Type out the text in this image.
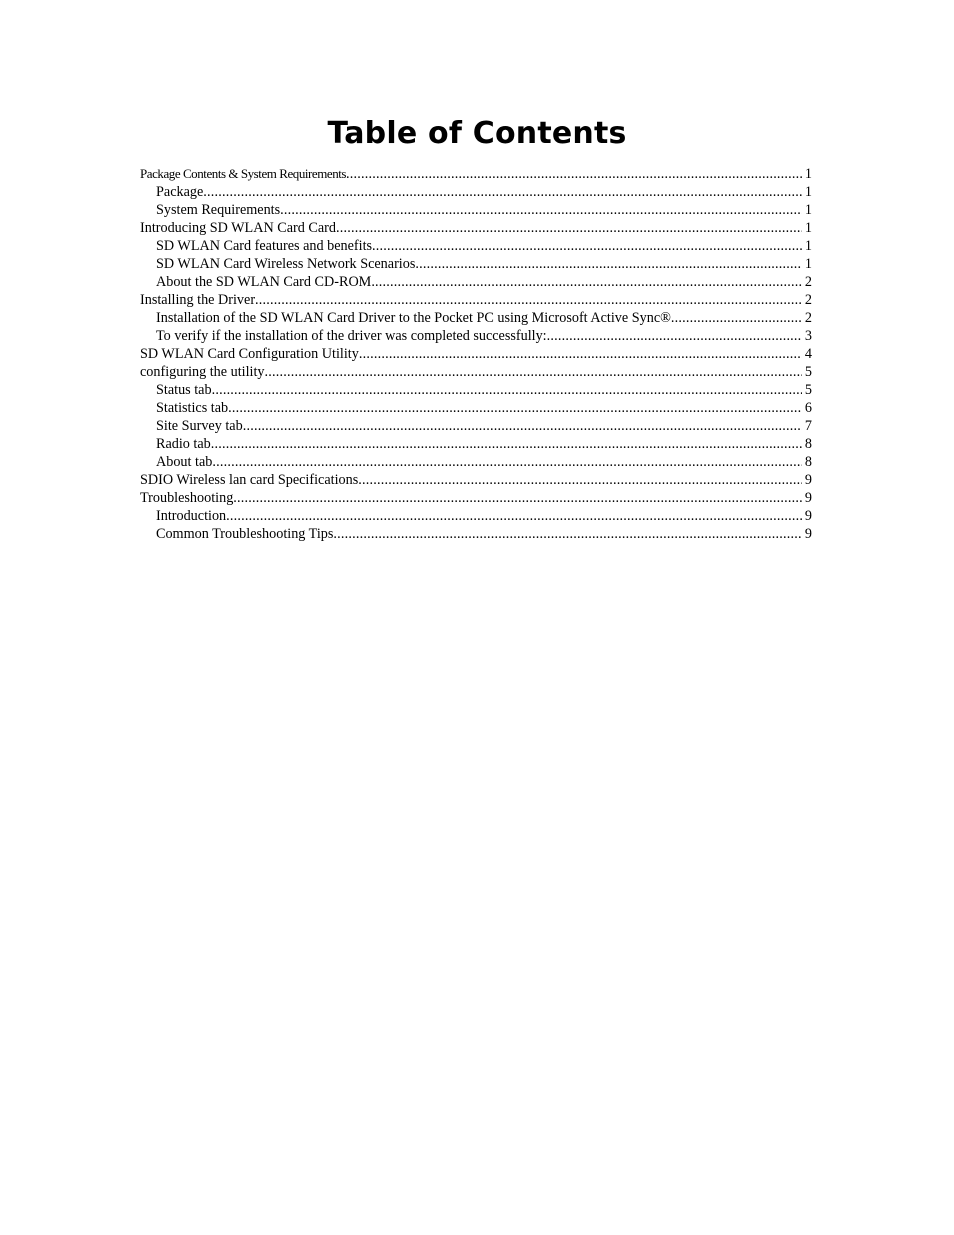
Table of Contents
Package Contents & System Requirements .....	1
Package .....	1
System Requirements .....	1
Introducing SD WLAN Card Card .....	1
SD WLAN Card features and benefits .....	1
SD WLAN Card Wireless Network Scenarios .....	1
About the SD WLAN Card CD-ROM .....	2
Installing the Driver .....	2
Installation of the SD WLAN Card Driver to the Pocket PC using Microsoft Active Sync® .....	2
To verify if the installation of the driver was completed successfully: .....	3
SD WLAN Card Configuration Utility .....	4
configuring the utility .....	5
Status tab .....	5
Statistics tab .....	6
Site Survey tab .....	7
Radio tab .....	8
About tab .....	8
SDIO Wireless lan card Specifications .....	9
Troubleshooting .....	9
Introduction .....	9
Common Troubleshooting Tips .....	9
